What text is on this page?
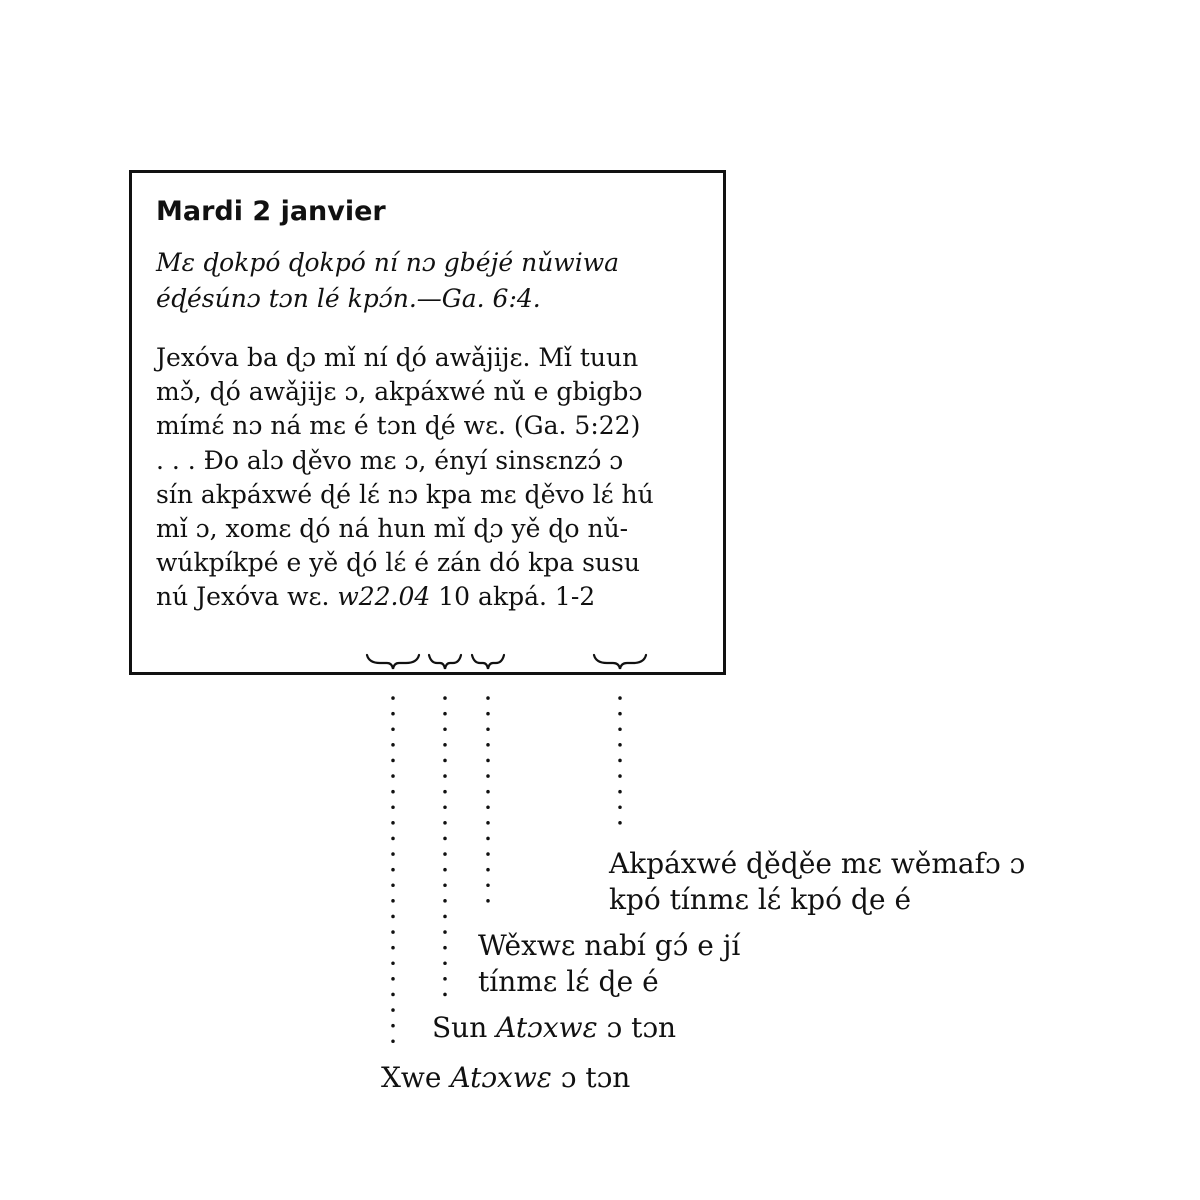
Mardi 2 janvier
Mɛ ɖokpó ɖokpó ní nɔ gbéjé nǔwiwa
éɖésúnɔ tɔn lé kpɔ́n.—Ga. 6:4.
Jexóva ba ɖɔ mǐ ní ɖó awǎjijɛ. Mǐ tuun
mɔ̌, ɖó awǎjijɛ ɔ, akpáxwé nǔ e gbigbɔ
mímɛ́ nɔ ná mɛ é tɔn ɖé wɛ. (Ga. 5:22)
. . . Ðo alɔ ɖěvo mɛ ɔ, ényí sinsɛnzɔ́ ɔ
sín akpáxwé ɖé lɛ́ nɔ kpa mɛ ɖěvo lɛ́ hú
mǐ ɔ, xomɛ ɖó ná hun mǐ ɖɔ yě ɖo nǔ-
wúkpíkpé e yě ɖó lɛ́ é zán dó kpa susu
nú Jexóva wɛ. w22.04 10 akpá. 1-2
Akpáxwé ɖěɖěe mɛ wěmafɔ ɔ
kpó tínmɛ lɛ́ kpó ɖe é
Wěxwɛ nabí gɔ́ e jí
tínmɛ lɛ́ ɖe é
Sun Atɔxwɛ ɔ tɔn
Xwe Atɔxwɛ ɔ tɔn
